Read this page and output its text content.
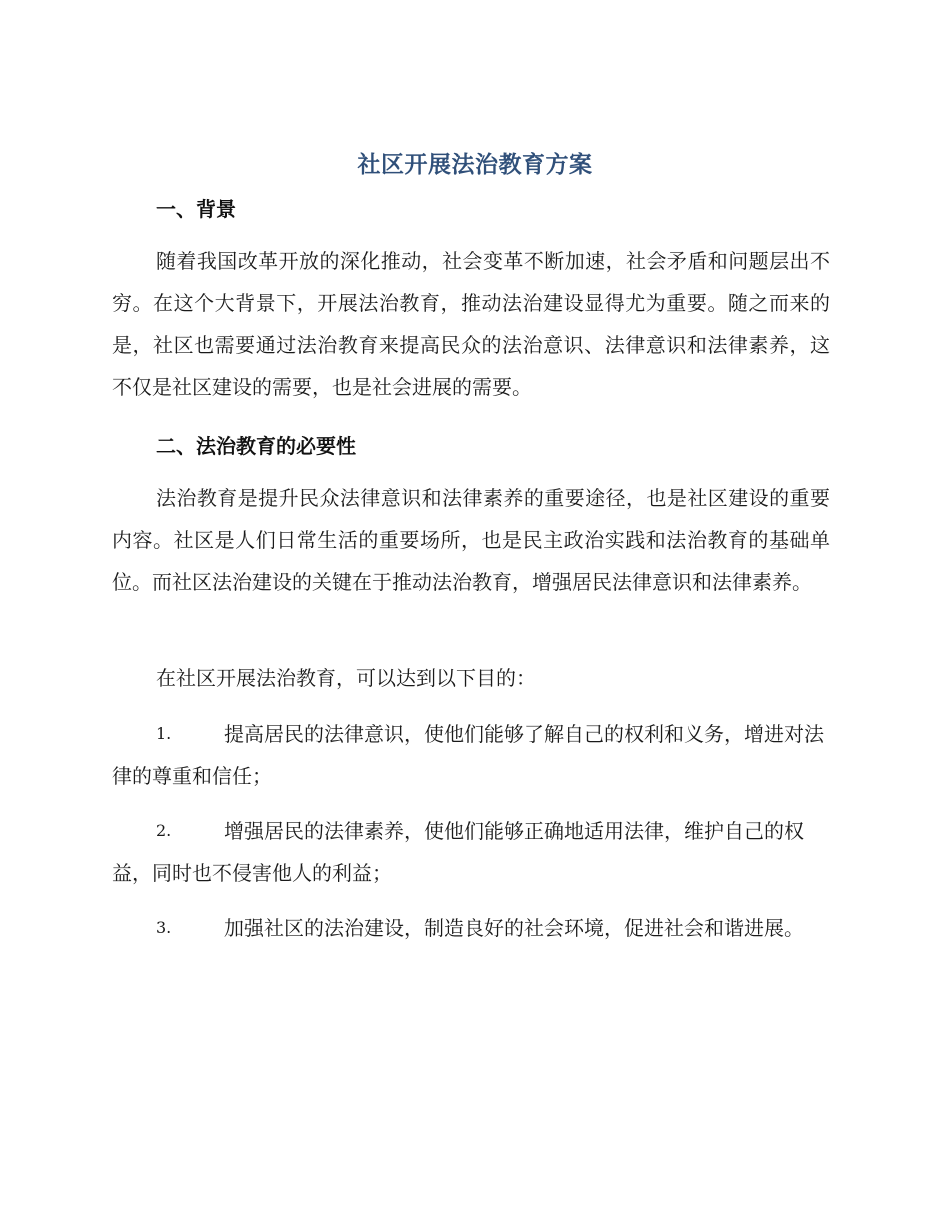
社区开展法治教育方案
一、背景

随着我国改革开放的深化推动，社会变革不断加速，社会矛盾和问题层出不穷。在这个大背景下，开展法治教育，推动法治建设显得尤为重要。随之而来的是，社区也需要通过法治教育来提高民众的法治意识、法律意识和法律素养，这不仅是社区建设的需要，也是社会进展的需要。

二、法治教育的必要性

法治教育是提升民众法律意识和法律素养的重要途径，也是社区建设的重要内容。社区是人们日常生活的重要场所，也是民主政治实践和法治教育的基础单位。而社区法治建设的关键在于推动法治教育，增强居民法律意识和法律素养。

在社区开展法治教育，可以达到以下目的：

1.	提高居民的法律意识，使他们能够了解自己的权利和义务，增进对法律的尊重和信任；

2.	增强居民的法律素养，使他们能够正确地适用法律，维护自己的权益，同时也不侵害他人的利益；

3.	加强社区的法治建设，制造良好的社会环境，促进社会和谐进展。
